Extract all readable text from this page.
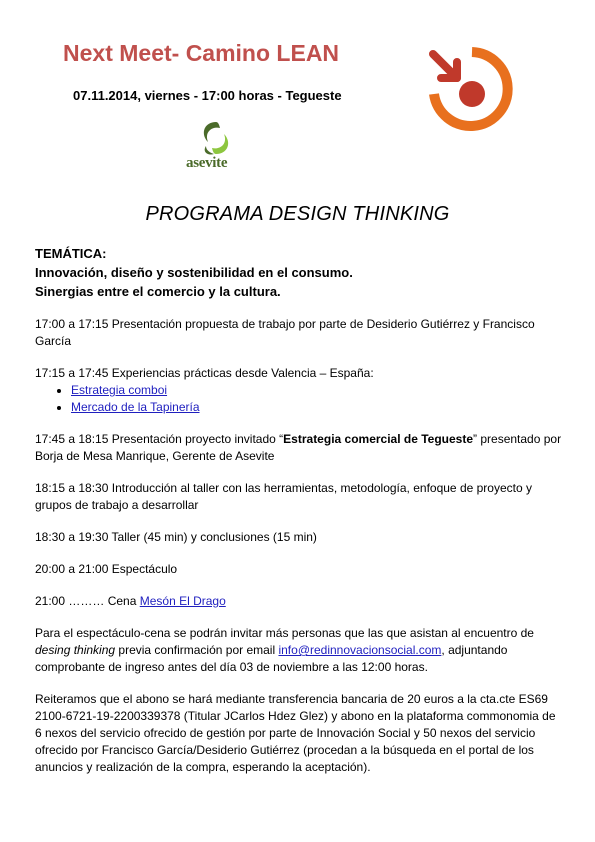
Next Meet- Camino LEAN
07.11.2014, viernes - 17:00 horas - Tegueste
asevite
PROGRAMA DESIGN THINKING
TEMÁTICA:
Innovación, diseño y sostenibilidad en el consumo.
Sinergias entre el comercio y la cultura.

17:00 a 17:15 Presentación propuesta de trabajo por parte de Desiderio Gutiérrez y Francisco García

17:15 a 17:45 Experiencias prácticas desde Valencia – España:
• Estrategia comboi
• Mercado de la Tapinería

17:45 a 18:15 Presentación proyecto invitado “Estrategia comercial de Tegueste” presentado por Borja de Mesa Manrique, Gerente de Asevite

18:15 a 18:30 Introducción al taller con las herramientas, metodología, enfoque de proyecto y grupos de trabajo a desarrollar

18:30 a 19:30 Taller (45 min) y conclusiones (15 min)

20:00 a 21:00 Espectáculo

21:00 ……… Cena Mesón El Drago

Para el espectáculo-cena se podrán invitar más personas que las que asistan al encuentro de desing thinking previa confirmación por email info@redinnovacionsocial.com, adjuntando comprobante de ingreso antes del día 03 de noviembre a las 12:00 horas.

Reiteramos que el abono se hará mediante transferencia bancaria de 20 euros a la cta.cte ES69 2100-6721-19-2200339378 (Titular JCarlos Hdez Glez) y abono en la plataforma commonomia de 6 nexos del servicio ofrecido de gestión por parte de Innovación Social y 50 nexos del servicio ofrecido por Francisco García/Desiderio Gutiérrez (procedan a la búsqueda en el portal de los anuncios y realización de la compra, esperando la aceptación).
